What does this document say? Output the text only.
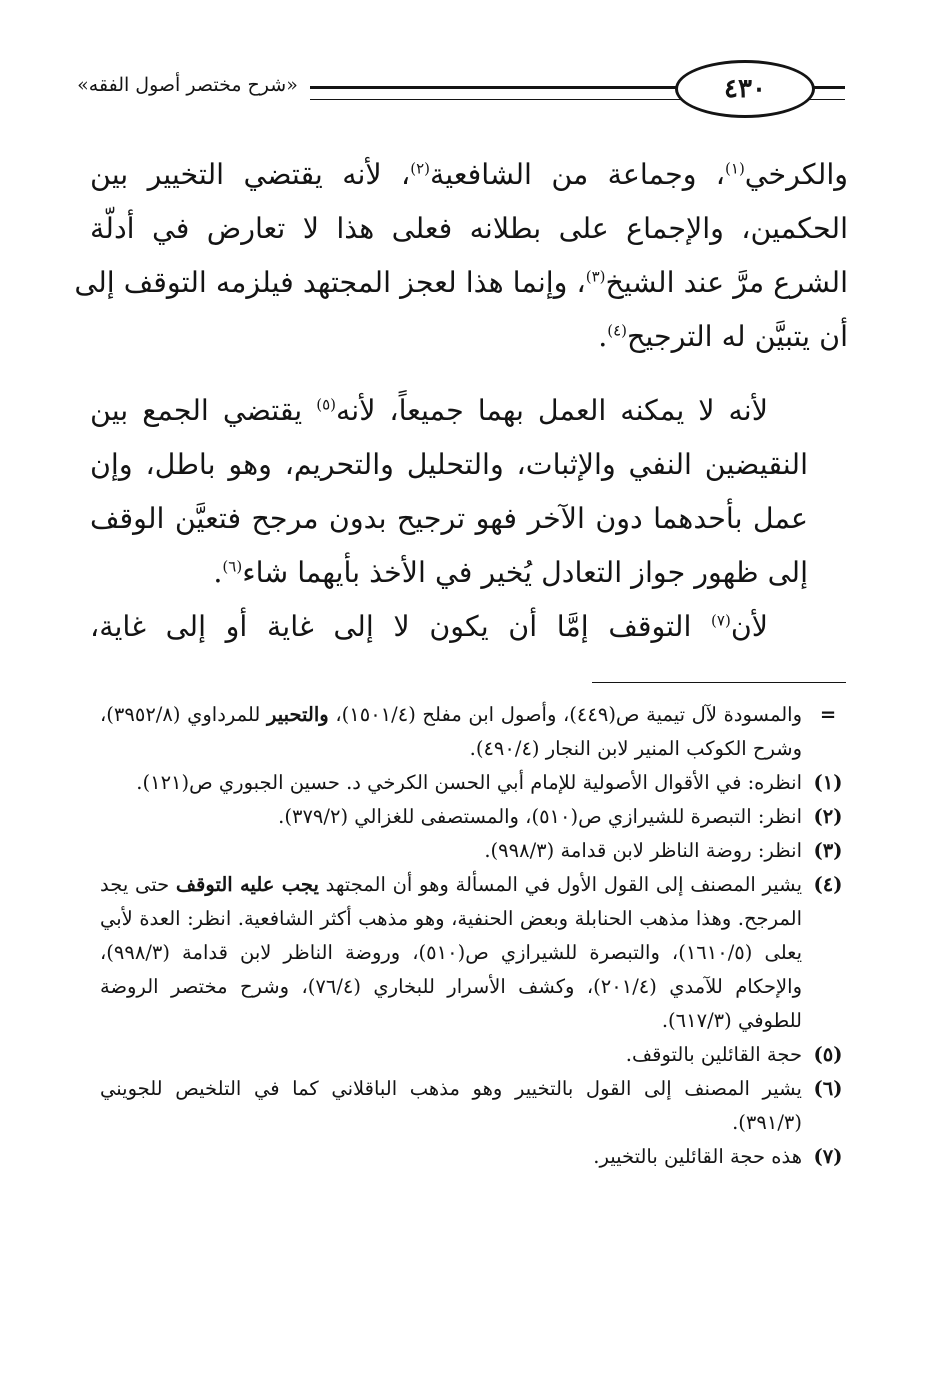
«شرح مختصر أصول الفقه»	٤٣٠
والكرخي$^{(١)}$، وجماعة من الشافعية$^{(٢)}$، لأنه يقتضي التخيير بين
الحكمين، والإجماع على بطلانه فعلى هذا لا تعارض في أدلّة
الشرع مرَّ عند الشيخ$^{(٣)}$، وإنما هذا لعجز المجتهد فيلزمه التوقف إلى
أن يتبيَّن له الترجيح$^{(٤)}$.
لأنه لا يمكنه العمل بهما جميعاً، لأنه$^{(٥)}$ يقتضي الجمع بين
النقيضين النفي والإثبات، والتحليل والتحريم، وهو باطل، وإن
عمل بأحدهما دون الآخر فهو ترجيح بدون مرجح فتعيَّن الوقف
إلى ظهور جواز التعادل يُخير في الأخذ بأيهما شاء$^{(٦)}$.
لأن$^{(٧)}$ التوقف إمَّا أن يكون لا إلى غاية أو إلى غاية،
=
والمسودة لآل تيمية ص(٤٤٩)، وأصول ابن مفلح (١٥٠١/٤)، والتحبير للمرداوي (٣٩٥٢/٨)، وشرح الكوكب المنير لابن النجار (٤٩٠/٤).
(١)
انظره: في الأقوال الأصولية للإمام أبي الحسن الكرخي د. حسين الجبوري ص(١٢١).
(٢)
انظر: التبصرة للشيرازي ص(٥١٠)، والمستصفى للغزالي (٣٧٩/٢).
(٣)
انظر: روضة الناظر لابن قدامة (٩٩٨/٣).
(٤)
يشير المصنف إلى القول الأول في المسألة وهو أن المجتهد يجب عليه التوقف حتى يجد المرجح. وهذا مذهب الحنابلة وبعض الحنفية، وهو مذهب أكثر الشافعية. انظر: العدة لأبي يعلى (١٦١٠/٥)، والتبصرة للشيرازي ص(٥١٠)، وروضة الناظر لابن قدامة (٩٩٨/٣)، والإحكام للآمدي (٢٠١/٤)، وكشف الأسرار للبخاري (٧٦/٤)، وشرح مختصر الروضة للطوفي (٦١٧/٣).
(٥)
حجة القائلين بالتوقف.
(٦)
يشير المصنف إلى القول بالتخيير وهو مذهب الباقلاني كما في التلخيص للجويني (٣٩١/٣).
(٧)
هذه حجة القائلين بالتخيير.
